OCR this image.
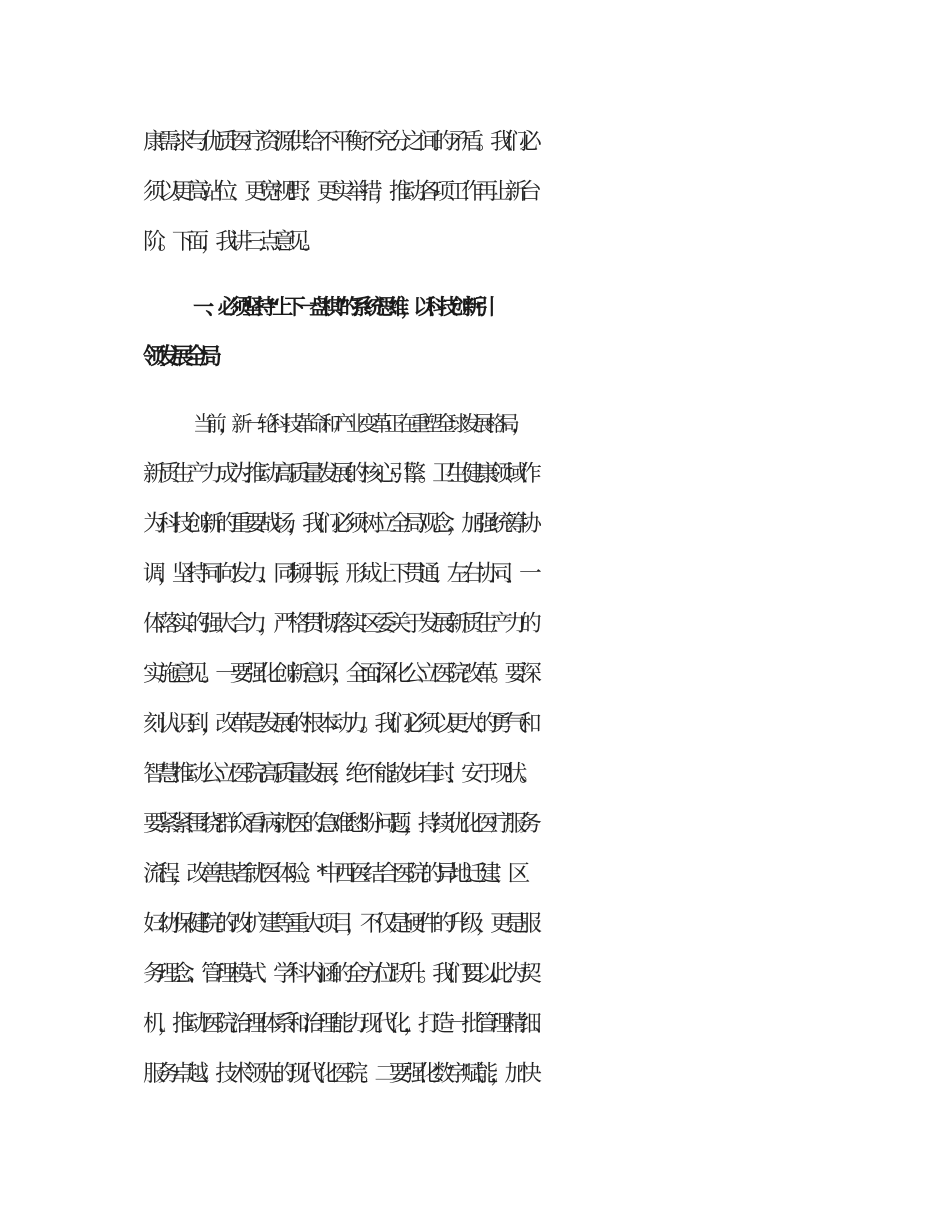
康需求与优质医疗资源供给不平衡不充分之间的矛盾。我们必
须以更高站位、更宽视野、更实举措，推动各项工作再上新台
阶。下面，我讲三点意见。
一、必须坚持“上下一盘棋”的系统思维，以科技创新引
领发展全局
当前，新一轮科技革命和产业变革正在重塑全球发展格局，
新质生产力成为推动高质量发展的核心引擎。卫生健康领域作
为科技创新的重要战场，我们必须树立全局观念，加强统筹协
调，坚持同向发力、同频共振，形成上下贯通、左右协同、一
体落实的强大合力，严格贯彻落实区委关于发展新质生产力的
实施意见。一要强化创新意识，全面深化公立医院改革。要深
刻认识到，改革是发展的根本动力。我们必须以更大的勇气和
智慧推动公立医院高质量发展，绝不能故步自封、安于现状。
要紧紧围绕群众看病就医的急难愁盼问题，持续优化医疗服务
流程，改善患者就医体验。*中西医结合医院的异地迁建、区
妇幼保健院的改扩建等重大项目，不仅是硬件的升级，更是服
务理念、管理模式、学科内涵的全方位跃升。我们要以此为契
机，推动医院治理体系和治理能力现代化，打造一批管理精细、
服务卓越、技术领先的现代化医院。二要强化数字赋能，加快
